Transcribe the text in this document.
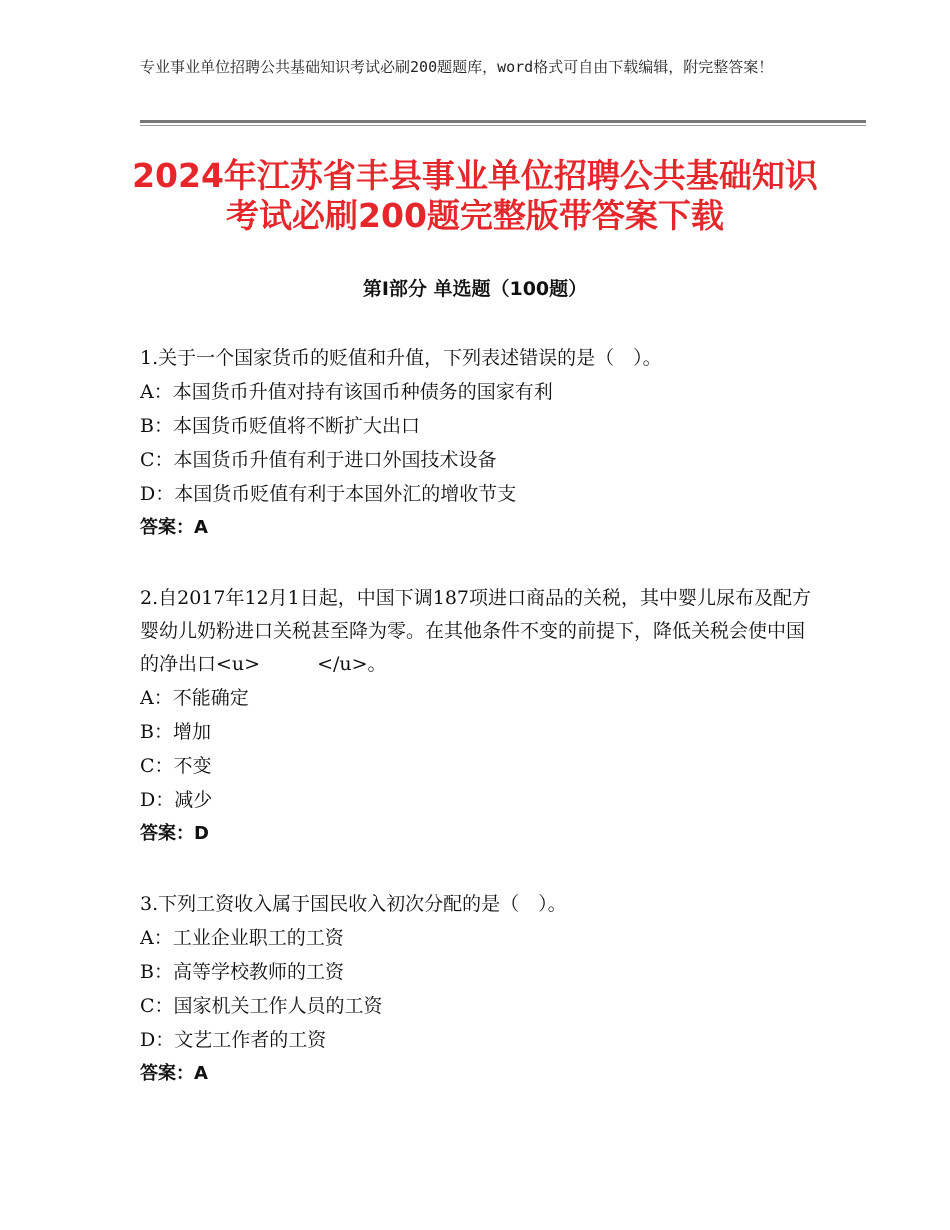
专业事业单位招聘公共基础知识考试必刷200题题库，word格式可自由下载编辑，附完整答案！
2024年江苏省丰县事业单位招聘公共基础知识考试必刷200题完整版带答案下载
第Ⅰ部分 单选题（100题）

1.关于一个国家货币的贬值和升值，下列表述错误的是（　）。

A：本国货币升值对持有该国币种债务的国家有利

B：本国货币贬值将不断扩大出口

C：本国货币升值有利于进口外国技术设备

D：本国货币贬值有利于本国外汇的增收节支

答案：A

2.自2017年12月1日起，中国下调187项进口商品的关税，其中婴儿尿布及配方婴幼儿奶粉进口关税甚至降为零。在其他条件不变的前提下，降低关税会使中国的净出口<u>　　　</u>。

A：不能确定

B：增加

C：不变

D：减少

答案：D

3.下列工资收入属于国民收入初次分配的是（　）。

A：工业企业职工的工资

B：高等学校教师的工资

C：国家机关工作人员的工资

D：文艺工作者的工资

答案：A
